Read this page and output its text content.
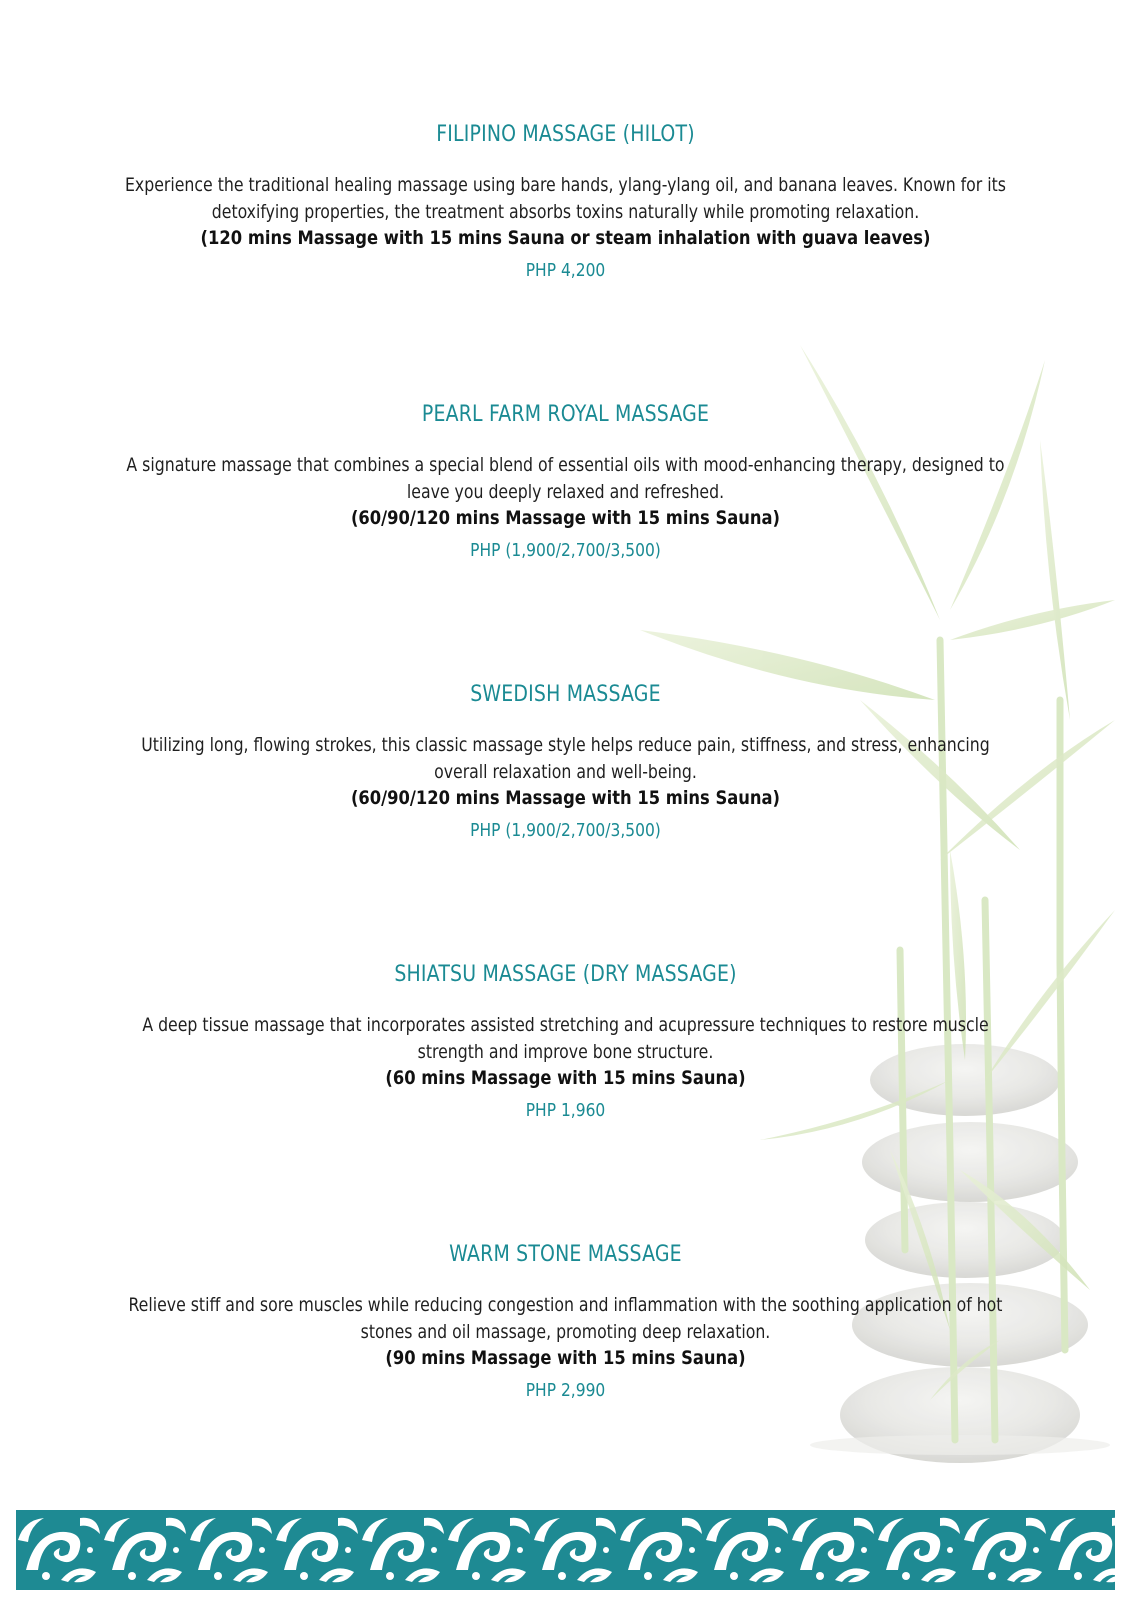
FILIPINO MASSAGE (HILOT)
Experience the traditional healing massage using bare hands, ylang-ylang oil, and banana leaves. Known for its detoxifying properties, the treatment absorbs toxins naturally while promoting relaxation.
(120 mins Massage with 15 mins Sauna or steam inhalation with guava leaves)
PHP 4,200
PEARL FARM ROYAL MASSAGE
A signature massage that combines a special blend of essential oils with mood-enhancing therapy, designed to leave you deeply relaxed and refreshed.
(60/90/120 mins Massage with 15 mins Sauna)
PHP (1,900/2,700/3,500)
SWEDISH MASSAGE
Utilizing long, flowing strokes, this classic massage style helps reduce pain, stiffness, and stress, enhancing overall relaxation and well-being.
(60/90/120 mins Massage with 15 mins Sauna)
PHP (1,900/2,700/3,500)
SHIATSU MASSAGE (DRY MASSAGE)
A deep tissue massage that incorporates assisted stretching and acupressure techniques to restore muscle strength and improve bone structure.
(60 mins Massage with 15 mins Sauna)
PHP 1,960
WARM STONE MASSAGE
Relieve stiff and sore muscles while reducing congestion and inflammation with the soothing application of hot stones and oil massage, promoting deep relaxation.
(90 mins Massage with 15 mins Sauna)
PHP 2,990
